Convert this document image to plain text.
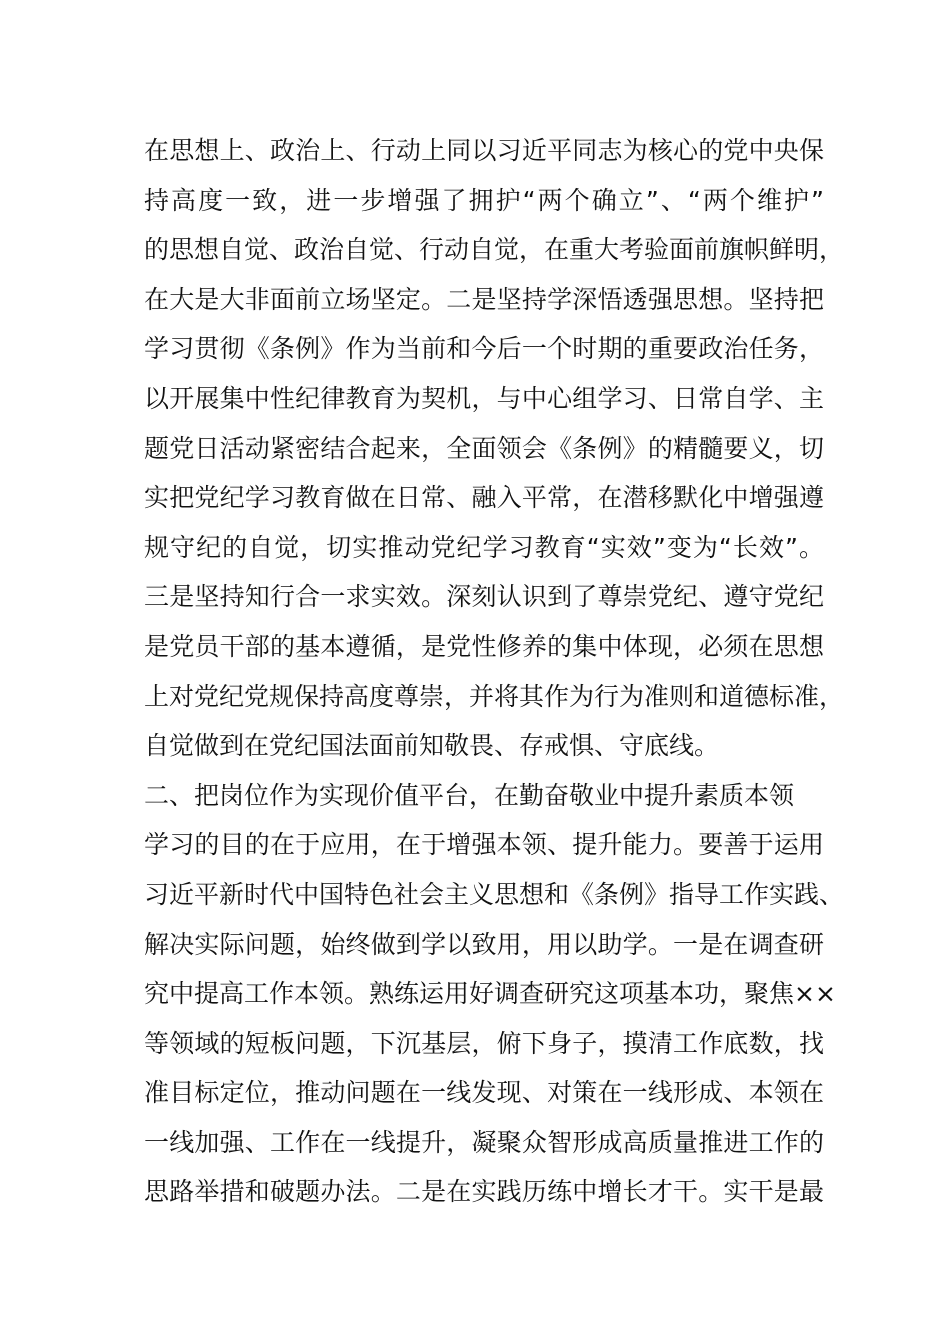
在思想上、政治上、行动上同以习近平同志为核心的党中央保
持高度一致，进一步增强了拥护“两个确立”、“两个维护”
的思想自觉、政治自觉、行动自觉，在重大考验面前旗帜鲜明，
在大是大非面前立场坚定。二是坚持学深悟透强思想。坚持把
学习贯彻《条例》作为当前和今后一个时期的重要政治任务，
以开展集中性纪律教育为契机，与中心组学习、日常自学、主
题党日活动紧密结合起来，全面领会《条例》的精髓要义，切
实把党纪学习教育做在日常、融入平常，在潜移默化中增强遵
规守纪的自觉，切实推动党纪学习教育“实效”变为“长效”。
三是坚持知行合一求实效。深刻认识到了尊崇党纪、遵守党纪
是党员干部的基本遵循，是党性修养的集中体现，必须在思想
上对党纪党规保持高度尊崇，并将其作为行为准则和道德标准，
自觉做到在党纪国法面前知敬畏、存戒惧、守底线。
二、把岗位作为实现价值平台，在勤奋敬业中提升素质本领
学习的目的在于应用，在于增强本领、提升能力。要善于运用
习近平新时代中国特色社会主义思想和《条例》指导工作实践、
解决实际问题，始终做到学以致用，用以助学。一是在调查研
究中提高工作本领。熟练运用好调查研究这项基本功，聚焦××
等领域的短板问题，下沉基层，俯下身子，摸清工作底数，找
准目标定位，推动问题在一线发现、对策在一线形成、本领在
一线加强、工作在一线提升，凝聚众智形成高质量推进工作的
思路举措和破题办法。二是在实践历练中增长才干。实干是最
